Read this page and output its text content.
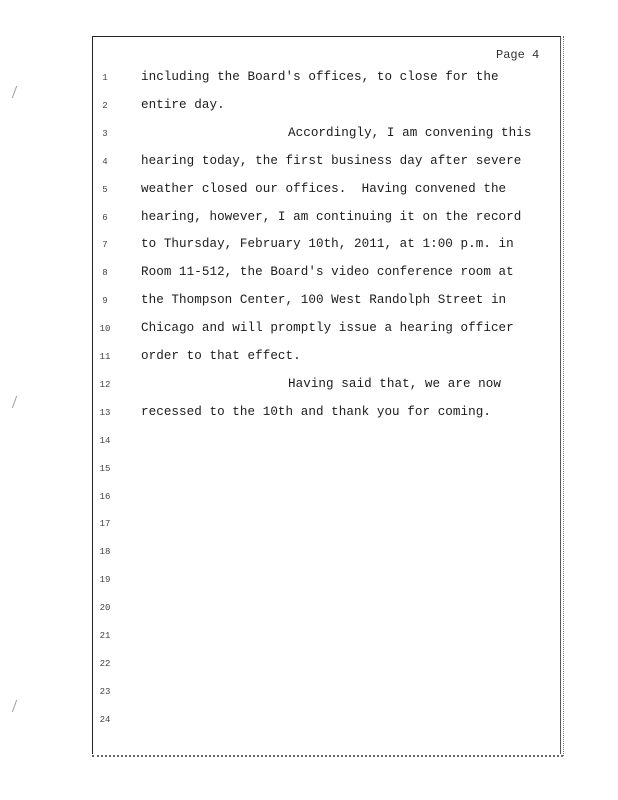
Page 4
1	including the Board's offices, to close for the
2	entire day.
3	Accordingly, I am convening this
4	hearing today, the first business day after severe
5	weather closed our offices.  Having convened the
6	hearing, however, I am continuing it on the record
7	to Thursday, February 10th, 2011, at 1:00 p.m. in
8	Room 11-512, the Board's video conference room at
9	the Thompson Center, 100 West Randolph Street in
10	Chicago and will promptly issue a hearing officer
11	order to that effect.
12	Having said that, we are now
13	recessed to the 10th and thank you for coming.
14
15
16
17
18
19
20
21
22
23
24
